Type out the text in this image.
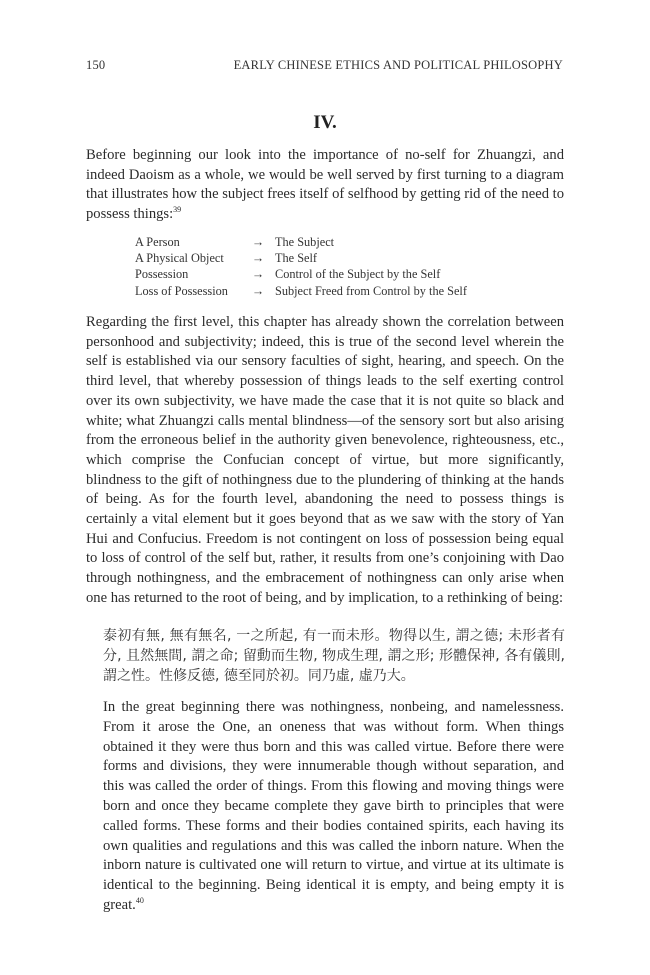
150	EARLY CHINESE ETHICS AND POLITICAL PHILOSOPHY
IV.

Before beginning our look into the importance of no-self for Zhuangzi, and indeed Daoism as a whole, we would be well served by first turning to a diagram that illustrates how the subject frees itself of selfhood by getting rid of the need to possess things:$^{39}$

A Person	→ The Subject
A Physical Object	→ The Self
Possession	→ Control of the Subject by the Self
Loss of Possession	→ Subject Freed from Control by the Self

Regarding the first level, this chapter has already shown the correlation between personhood and subjectivity; indeed, this is true of the second level wherein the self is established via our sensory faculties of sight, hearing, and speech. On the third level, that whereby possession of things leads to the self exerting control over its own subjectivity, we have made the case that it is not quite so black and white; what Zhuangzi calls mental blindness—of the sensory sort but also arising from the erroneous belief in the authority given benevolence, righteousness, etc., which comprise the Confucian concept of virtue, but more significantly, blindness to the gift of nothingness due to the plundering of thinking at the hands of being. As for the fourth level, abandoning the need to possess things is certainly a vital element but it goes beyond that as we saw with the story of Yan Hui and Confucius. Freedom is not contingent on loss of possession being equal to loss of control of the self but, rather, it results from one’s conjoining with Dao through nothingness, and the embracement of nothingness can only arise when one has returned to the root of being, and by implication, to a rethinking of being:

泰初有無, 無有無名, 一之所起, 有一而未形。物得以生, 謂之德; 未形者有分, 且然無間, 謂之命; 留動而生物, 物成生理, 謂之形; 形體保神, 各有儀則, 謂之性。性修反德, 德至同於初。同乃虛, 虛乃大。

In the great beginning there was nothingness, nonbeing, and namelessness. From it arose the One, an oneness that was without form. When things obtained it they were thus born and this was called virtue. Before there were forms and divisions, they were innumerable though without separation, and this was called the order of things. From this flowing and moving things were born and once they became complete they gave birth to principles that were called forms. These forms and their bodies contained spirits, each having its own qualities and regulations and this was called the inborn nature. When the inborn nature is cultivated one will return to virtue, and virtue at its ultimate is identical to the beginning. Being identical it is empty, and being empty it is great.$^{40}$
